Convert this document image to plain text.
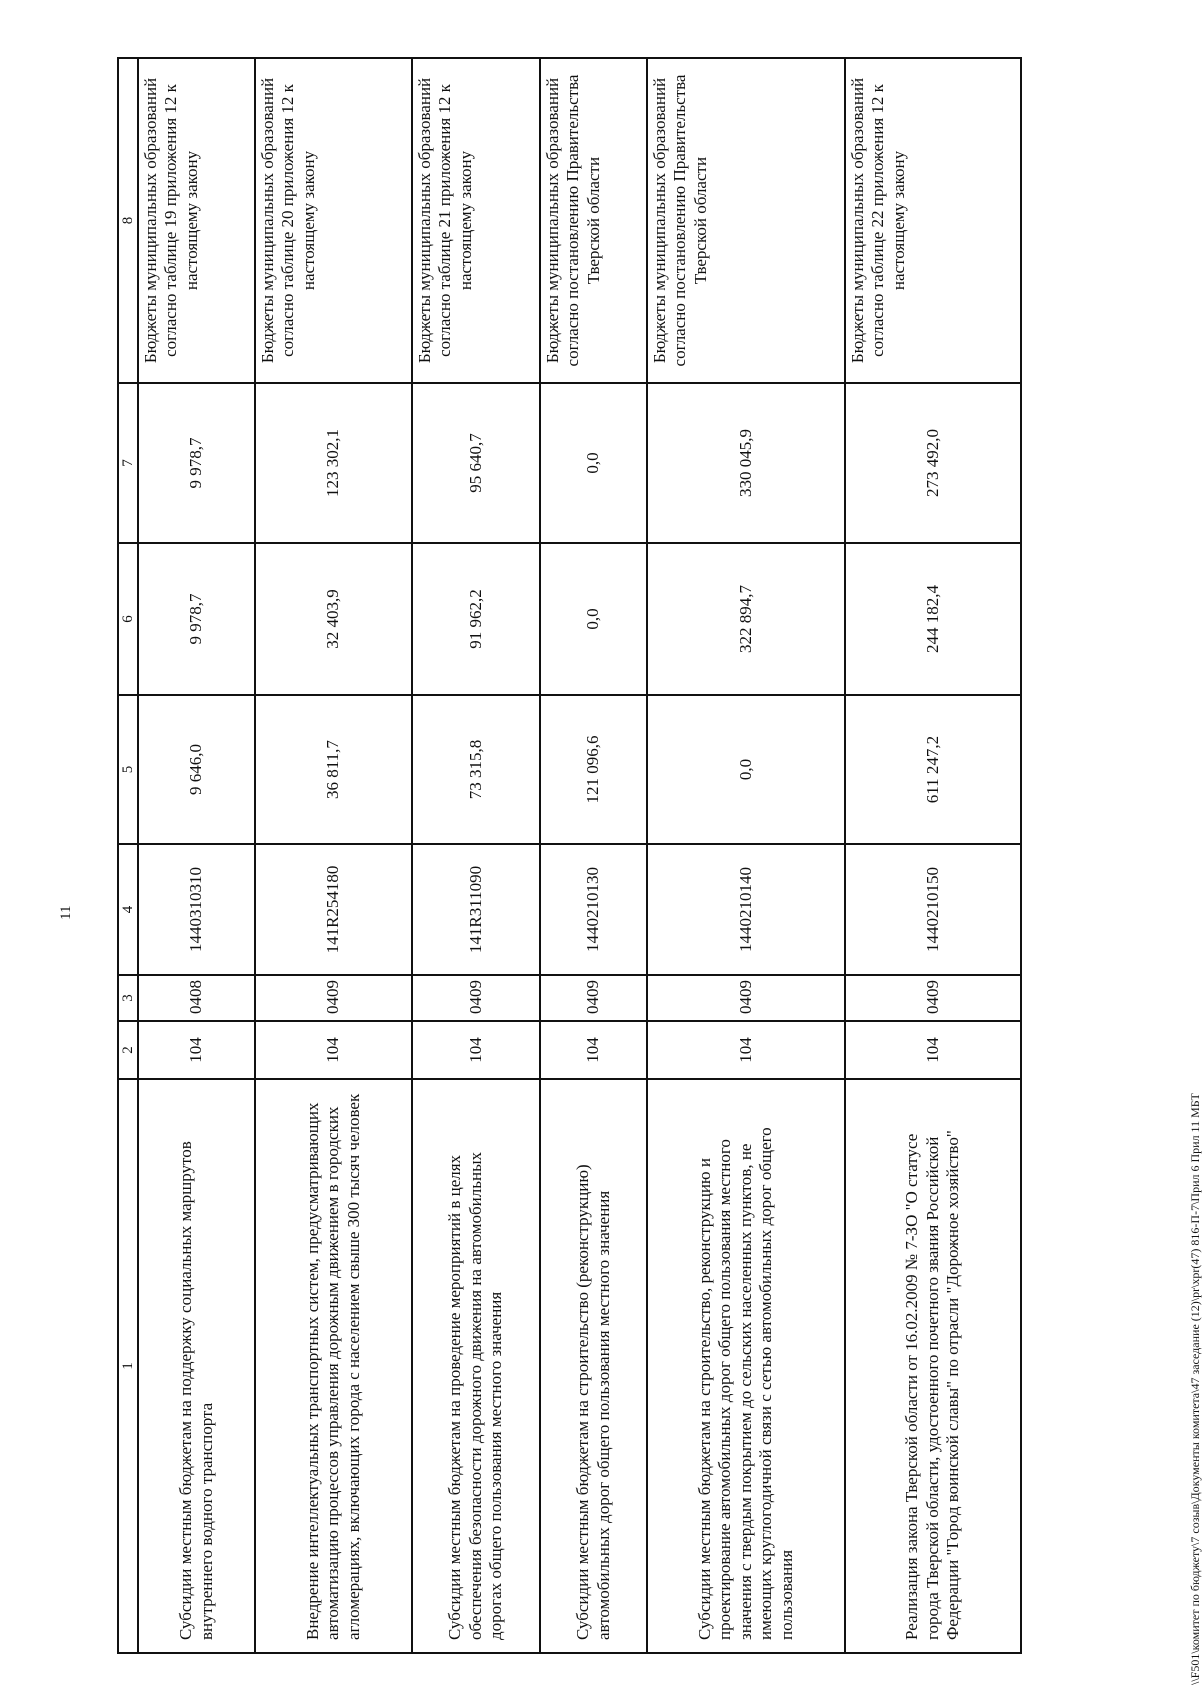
11
\\F501\комитет по бюджету\7 созыв\Документы комитета\47 заседание (12)\pr\xpr(47) 816-П-7\Прил 6 Прил 11 МБТ
1	2	3	4	5	6	7	8
Субсидии местным бюджетам на поддержку социальных маршрутов внутреннего водного транспорта	104	0408	1440310310	9 646,0	9 978,7	9 978,7	Бюджеты муниципальных образований согласно таблице 19 приложения 12 к настоящему закону
Внедрение интеллектуальных транспортных систем, предусматривающих автоматизацию процессов управления дорожным движением в городских агломерациях, включающих города с населением свыше 300 тысяч человек	104	0409	141R254180	36 811,7	32 403,9	123 302,1	Бюджеты муниципальных образований согласно таблице 20 приложения 12 к настоящему закону
Субсидии местным бюджетам на проведение мероприятий в целях обеспечения безопасности дорожного движения на автомобильных дорогах общего пользования местного значения	104	0409	141R311090	73 315,8	91 962,2	95 640,7	Бюджеты муниципальных образований согласно таблице 21 приложения 12 к настоящему закону
Субсидии местным бюджетам на строительство (реконструкцию) автомобильных дорог общего пользования местного значения	104	0409	1440210130	121 096,6	0,0	0,0	Бюджеты муниципальных образований согласно постановлению Правительства Тверской области
Субсидии местным бюджетам на строительство, реконструкцию и проектирование автомобильных дорог общего пользования местного значения с твердым покрытием до сельских населенных пунктов, не имеющих круглогодичной связи с сетью автомобильных дорог общего пользования	104	0409	1440210140	0,0	322 894,7	330 045,9	Бюджеты муниципальных образований согласно постановлению Правительства Тверской области
Реализация закона Тверской области от 16.02.2009 № 7-ЗО "О статусе города Тверской области, удостоенного почетного звания Российской Федерации "Город воинской славы" по отрасли "Дорожное хозяйство"	104	0409	1440210150	611 247,2	244 182,4	273 492,0	Бюджеты муниципальных образований согласно таблице 22 приложения 12 к настоящему закону
